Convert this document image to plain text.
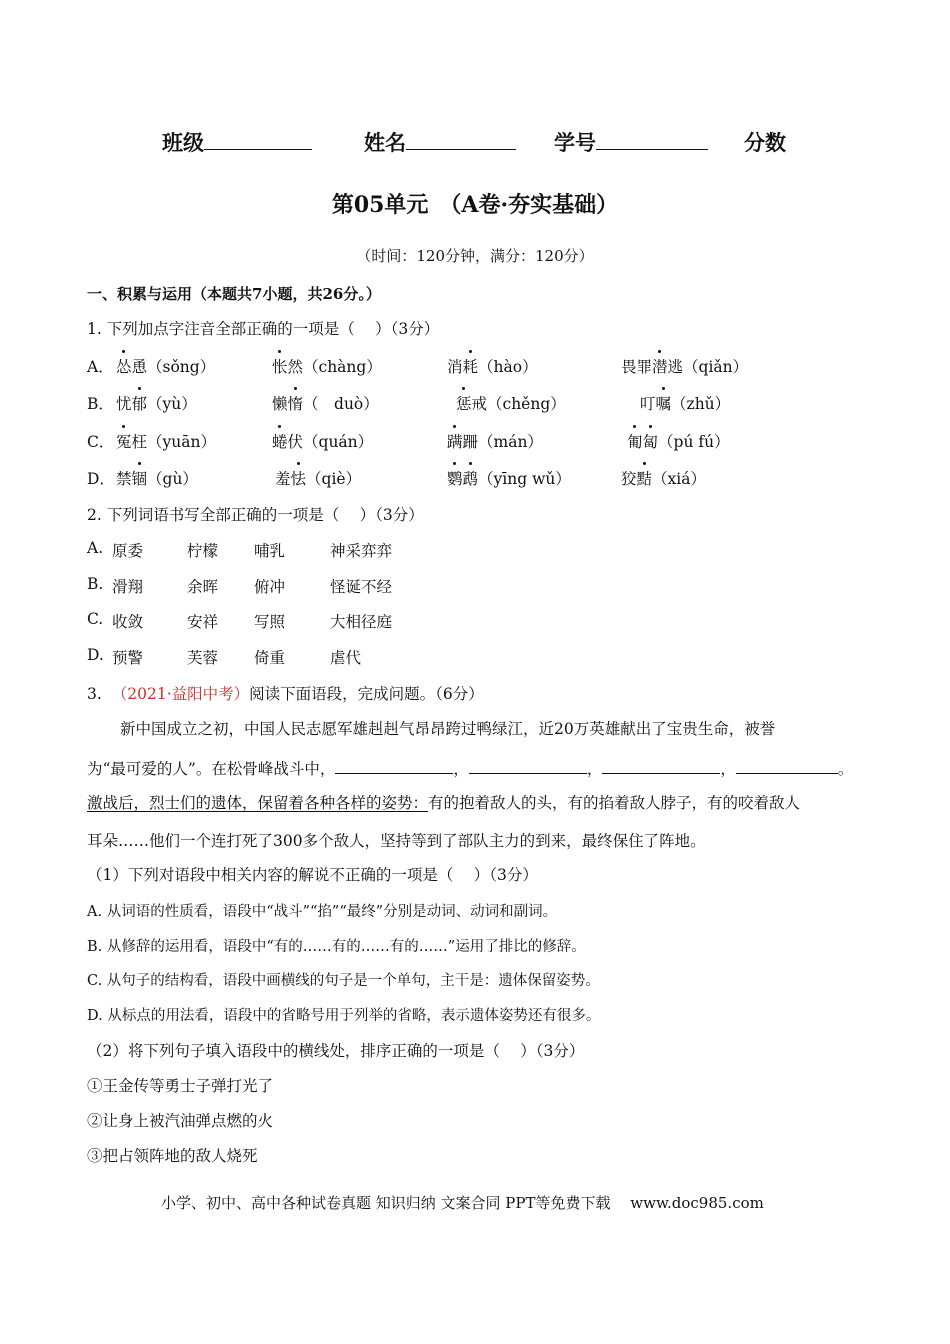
班级	姓名	学号	分数
第05单元　（A卷·夯实基础）
（时间：120分钟，满分：120分）
一、积累与运用（本题共7小题，共26分。）
1. 下列加点字注音全部正确的一项是（　 ）（3分）
A． 怂恿（sǒng）	怅然（chàng）	消耗（hào）	畏罪潜逃（qiǎn）
B． 忧郁（yù）	懒惰（　duò）	惩戒（chěng）	叮嘱（zhǔ）
C． 冤枉（yuān）	蜷伏（quán）	蹒跚（mán）	匍匐（pú fú）
D． 禁锢（gù）	羞怯（qiè）	鹦鹉（yīng wǔ）	狡黠（xiá）
2. 下列词语书写全部正确的一项是（　 ）（3分）
A. 原委	柠檬 哺乳	神采弈弈
B. 滑翔	余晖 俯冲	怪诞不经
C. 收敛	安祥 写照	大相径庭
D. 预警	芙蓉 倚重	虐代
3. （2021·益阳中考）阅读下面语段，完成问题。（6分）
新中国成立之初，中国人民志愿军雄赳赳气昂昂跨过鸭绿江，近20万英雄献出了宝贵生命，被誉
为“最可爱的人”。在松骨峰战斗中，	，	，	，	。
激战后，烈士们的遗体，保留着各种各样的姿势：有的抱着敌人的头，有的掐着敌人脖子，有的咬着敌人
耳朵……他们一个连打死了300多个敌人，坚持等到了部队主力的到来，最终保住了阵地。
（1）下列对语段中相关内容的解说不正确的一项是（　 ）（3分）
A. 从词语的性质看，语段中“战斗”“掐”“最终”分别是动词、动词和副词。
B. 从修辞的运用看，语段中“有的……有的……有的……”运用了排比的修辞。
C. 从句子的结构看，语段中画横线的句子是一个单句，主干是：遗体保留姿势。
D. 从标点的用法看，语段中的省略号用于列举的省略，表示遗体姿势还有很多。
（2）将下列句子填入语段中的横线处，排序正确的一项是（　 ）（3分）
①王金传等勇士子弹打光了
②让身上被汽油弹点燃的火
③把占领阵地的敌人烧死
小学、初中、高中各种试卷真题 知识归纳 文案合同 PPT等免费下载　 www.doc985.com
